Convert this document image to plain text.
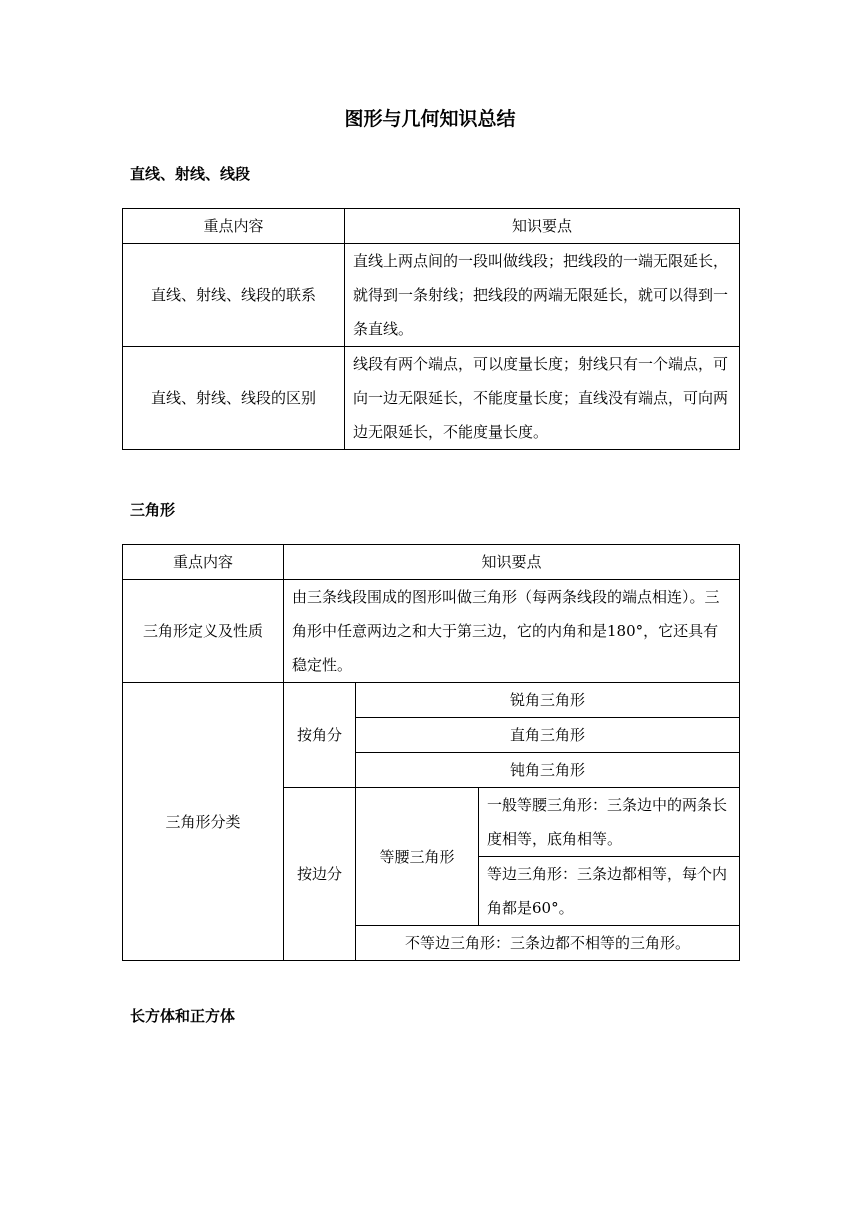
图形与几何知识总结
直线、射线、线段
重点内容	知识要点
直线、射线、线段的联系	直线上两点间的一段叫做线段；把线段的一端无限延长，就得到一条射线；把线段的两端无限延长，就可以得到一条直线。
直线、射线、线段的区别	线段有两个端点，可以度量长度；射线只有一个端点，可向一边无限延长，不能度量长度；直线没有端点，可向两边无限延长，不能度量长度。
三角形
重点内容	知识要点		
三角形定义及性质	由三条线段围成的图形叫做三角形（每两条线段的端点相连）。三角形中任意两边之和大于第三边，它的内角和是180°，它还具有稳定性。		
三角形分类	按角分	锐角三角形	
		直角三角形	
		钝角三角形	
	按边分	等腰三角形	一般等腰三角形：三条边中的两条长度相等，底角相等。
			等边三角形：三条边都相等，每个内角都是60°。
		不等边三角形：三条边都不相等的三角形。	
长方体和正方体
